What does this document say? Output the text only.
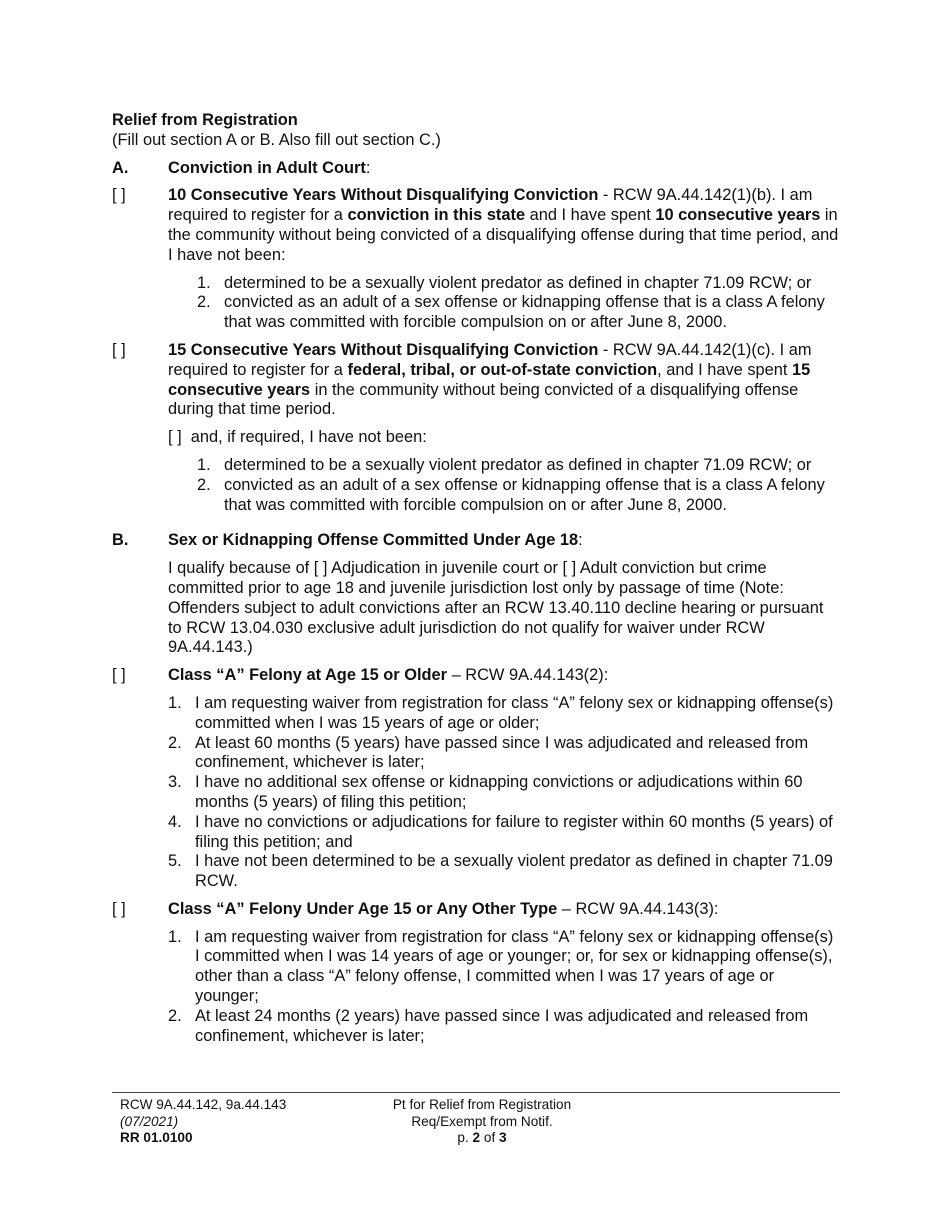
Relief from Registration
(Fill out section A or B. Also fill out section C.)
A.	Conviction in Adult Court:
[ ]	10 Consecutive Years Without Disqualifying Conviction - RCW 9A.44.142(1)(b). I am required to register for a conviction in this state and I have spent 10 consecutive years in the community without being convicted of a disqualifying offense during that time period, and I have not been:
1. determined to be a sexually violent predator as defined in chapter 71.09 RCW; or
2. convicted as an adult of a sex offense or kidnapping offense that is a class A felony that was committed with forcible compulsion on or after June 8, 2000.
[ ]	15 Consecutive Years Without Disqualifying Conviction - RCW 9A.44.142(1)(c). I am required to register for a federal, tribal, or out-of-state conviction, and I have spent 15 consecutive years in the community without being convicted of a disqualifying offense during that time period.
[ ] and, if required, I have not been:
1. determined to be a sexually violent predator as defined in chapter 71.09 RCW; or
2. convicted as an adult of a sex offense or kidnapping offense that is a class A felony that was committed with forcible compulsion on or after June 8, 2000.
B.	Sex or Kidnapping Offense Committed Under Age 18:
I qualify because of [ ] Adjudication in juvenile court or [ ] Adult conviction but crime committed prior to age 18 and juvenile jurisdiction lost only by passage of time (Note: Offenders subject to adult convictions after an RCW 13.40.110 decline hearing or pursuant to RCW 13.04.030 exclusive adult jurisdiction do not qualify for waiver under RCW 9A.44.143.)
[ ]	Class “A” Felony at Age 15 or Older – RCW 9A.44.143(2):
1. I am requesting waiver from registration for class “A” felony sex or kidnapping offense(s) committed when I was 15 years of age or older;
2. At least 60 months (5 years) have passed since I was adjudicated and released from confinement, whichever is later;
3. I have no additional sex offense or kidnapping convictions or adjudications within 60 months (5 years) of filing this petition;
4. I have no convictions or adjudications for failure to register within 60 months (5 years) of filing this petition; and
5. I have not been determined to be a sexually violent predator as defined in chapter 71.09 RCW.
[ ]	Class “A” Felony Under Age 15 or Any Other Type – RCW 9A.44.143(3):
1. I am requesting waiver from registration for class “A” felony sex or kidnapping offense(s) I committed when I was 14 years of age or younger; or, for sex or kidnapping offense(s), other than a class “A” felony offense, I committed when I was 17 years of age or younger;
2. At least 24 months (2 years) have passed since I was adjudicated and released from confinement, whichever is later;
RCW 9A.44.142, 9a.44.143
(07/2021)
RR 01.0100
Pt for Relief from Registration
Req/Exempt from Notif.
p. 2 of 3
